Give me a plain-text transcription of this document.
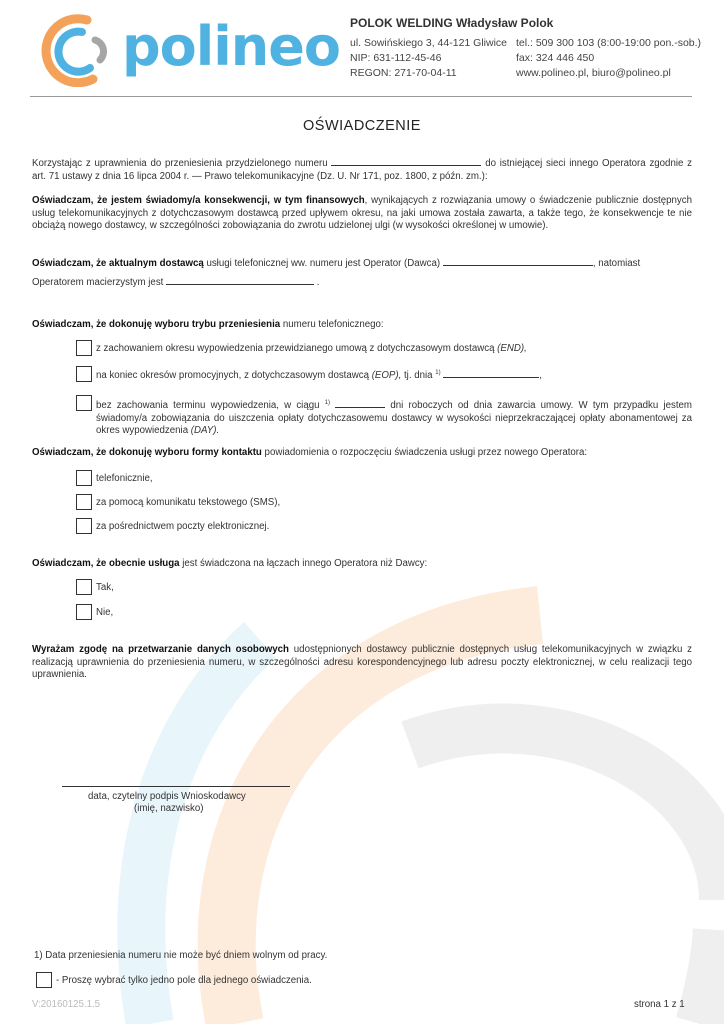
polineo POLOK WELDING Władysław Polok
ul. Sowińskiego 3, 44-121 Gliwice
NIP: 631-112-45-46
REGON: 271-70-04-11
tel.: 509 300 103 (8:00-19:00 pon.-sob.)
fax: 324 446 450
www.polineo.pl, biuro@polineo.pl
OŚWIADCZENIE
Korzystając z uprawnienia do przeniesienia przydzielonego numeru	do istniejącej sieci innego Operatora zgodnie z art. 71 ustawy z dnia 16 lipca 2004 r. — Prawo telekomunikacyjne (Dz. U. Nr 171, poz. 1800, z późn. zm.):
Oświadczam, że jestem świadomy/a konsekwencji, w tym finansowych, wynikających z rozwiązania umowy o świadczenie publicznie dostępnych usług telekomunikacyjnych z dotychczasowym dostawcą przed upływem okresu, na jaki umowa została zawarta, a także tego, że konsekwencje te nie obciążą nowego dostawcy, w szczególności zobowiązania do zwrotu udzielonej ulgi (w wysokości określonej w umowie).
Oświadczam, że aktualnym dostawcą usługi telefonicznej ww. numeru jest Operator (Dawca)	, natomiast
Operatorem macierzystym jest	.
Oświadczam, że dokonuję wyboru trybu przeniesienia numeru telefonicznego:
z zachowaniem okresu wypowiedzenia przewidzianego umową z dotychczasowym dostawcą (END),
na koniec okresów promocyjnych, z dotychczasowym dostawcą (EOP), tj. dnia $^{1)}$	,
bez zachowania terminu wypowiedzenia, w ciągu $^{1)}$	dni roboczych od dnia zawarcia umowy. W tym przypadku jestem świadomy/a zobowiązania do uiszczenia opłaty dotychczasowemu dostawcy w wysokości nieprzekraczającej opłaty abonamentowej za okres wypowiedzenia (DAY).
Oświadczam, że dokonuję wyboru formy kontaktu powiadomienia o rozpoczęciu świadczenia usługi przez nowego Operatora:
telefonicznie,
za pomocą komunikatu tekstowego (SMS),
za pośrednictwem poczty elektronicznej.
Oświadczam, że obecnie usługa jest świadczona na łączach innego Operatora niż Dawcy:
Tak,
Nie,
Wyrażam zgodę na przetwarzanie danych osobowych udostępnionych dostawcy publicznie dostępnych usług telekomunikacyjnych w związku z realizacją uprawnienia do przeniesienia numeru, w szczególności adresu korespondencyjnego lub adresu poczty elektronicznej, w celu realizacji tego uprawnienia.
data, czytelny podpis Wnioskodawcy
(imię, nazwisko)
1) Data przeniesienia numeru nie może być dniem wolnym od pracy.
- Proszę wybrać tylko jedno pole dla jednego oświadczenia.
V:20160125.1.5	strona 1 z 1
